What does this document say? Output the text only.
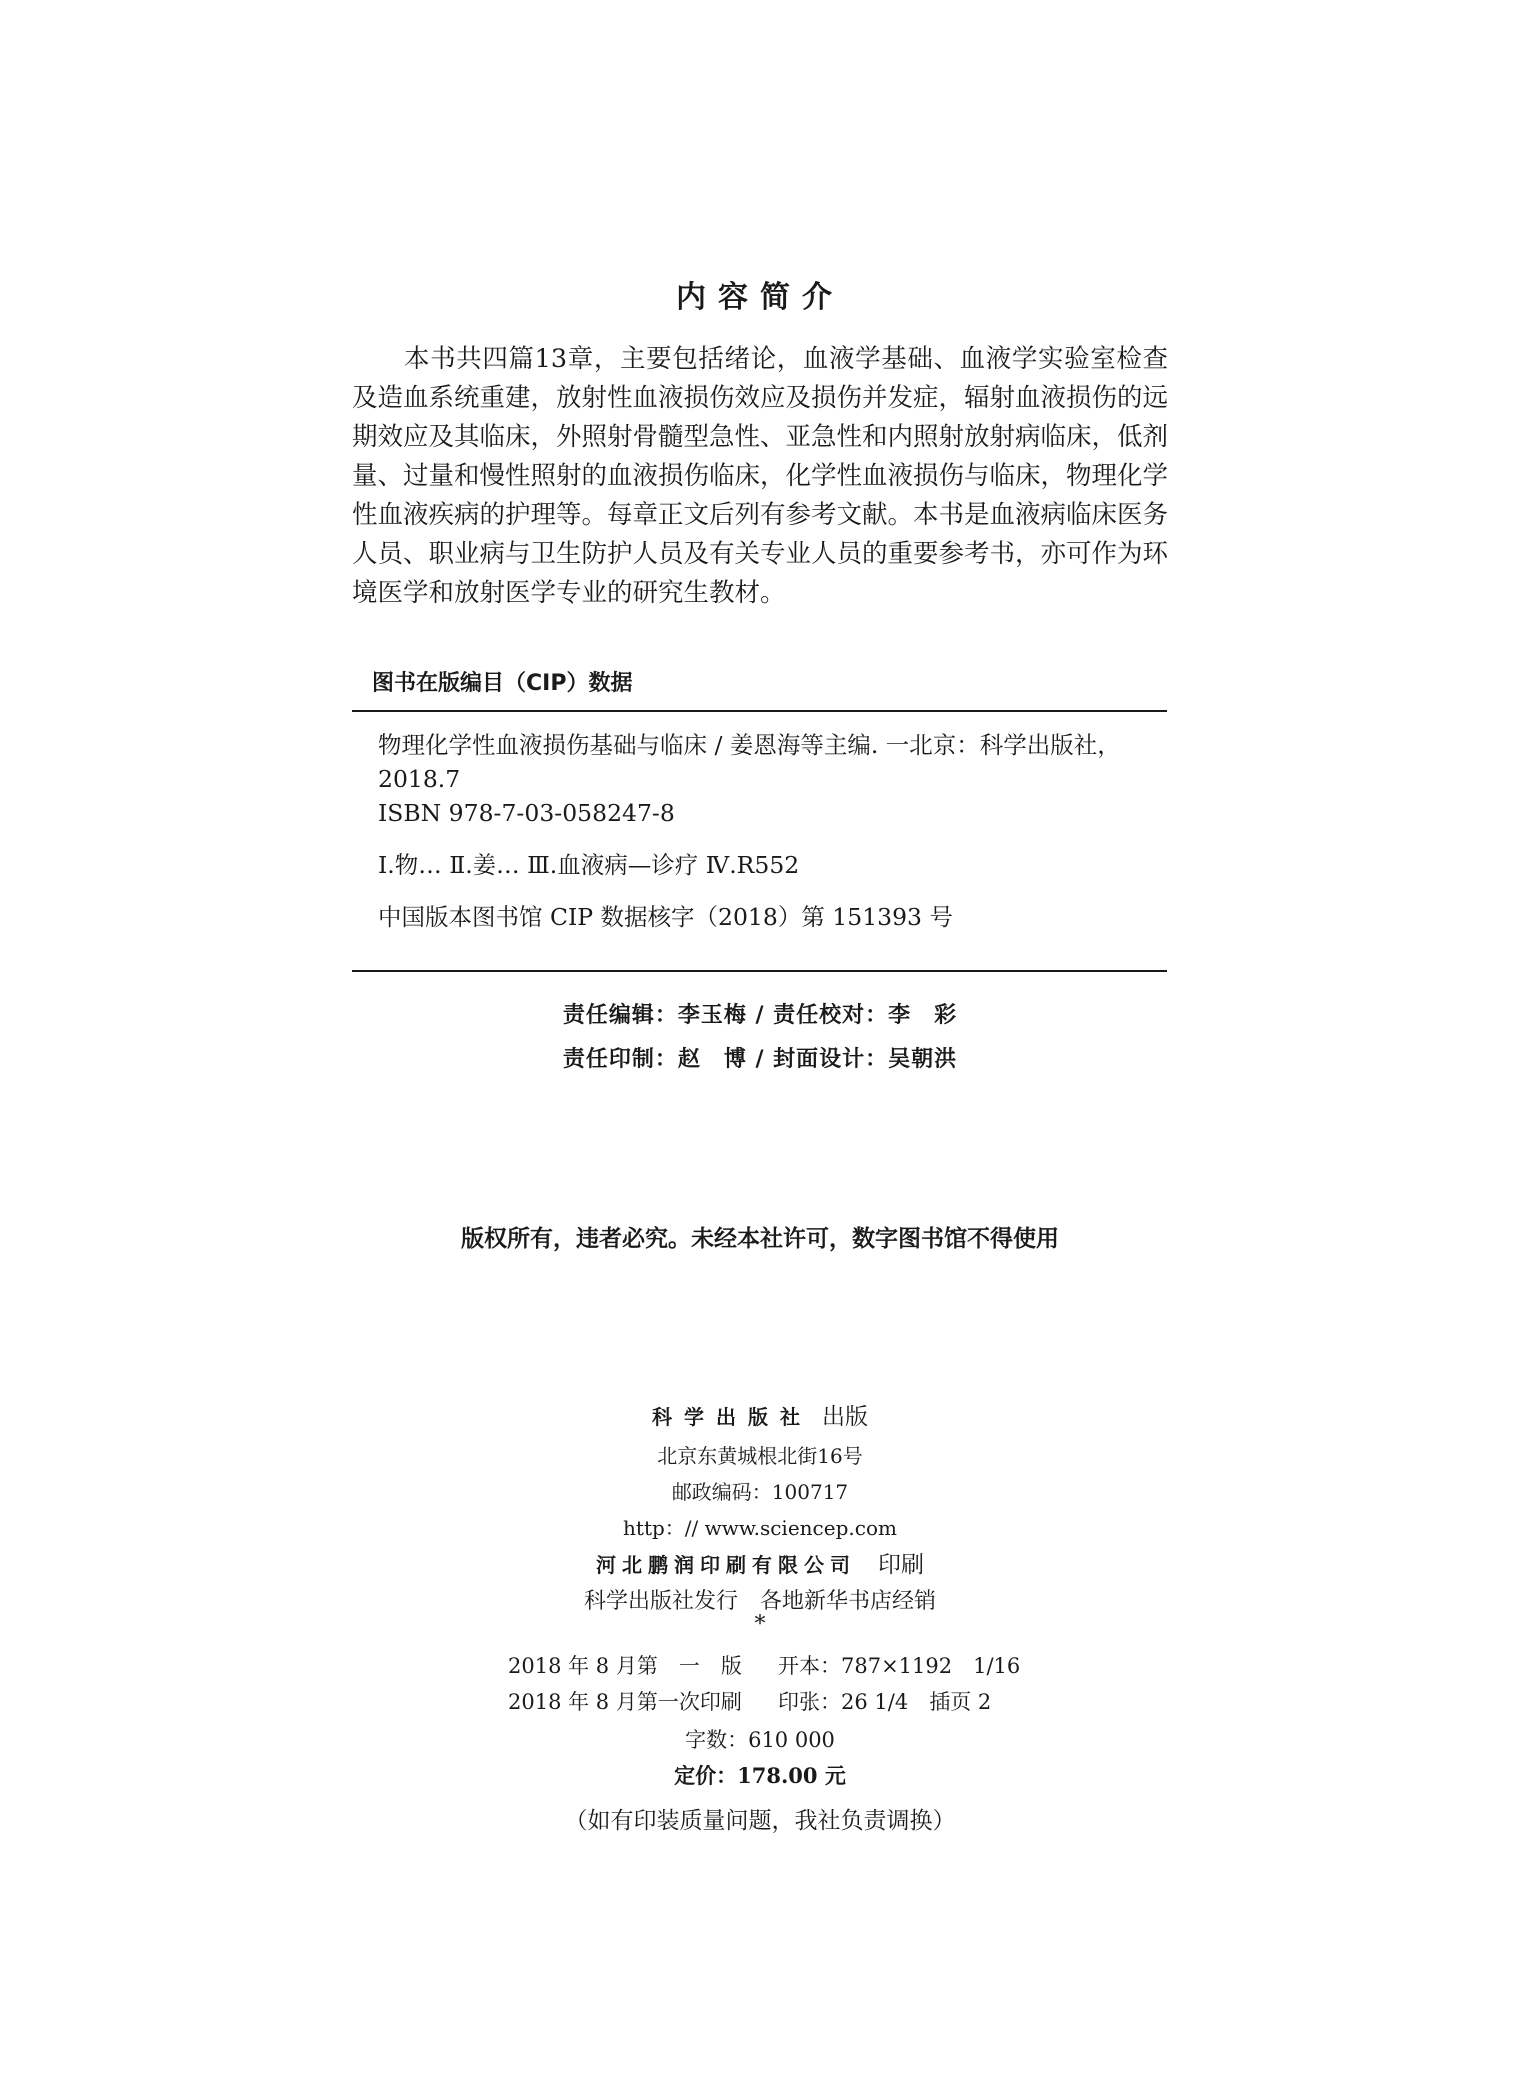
内容简介
本书共四篇13章，主要包括绪论，血液学基础、血液学实验室检查及造血系统重建，放射性血液损伤效应及损伤并发症，辐射血液损伤的远期效应及其临床，外照射骨髓型急性、亚急性和内照射放射病临床，低剂量、过量和慢性照射的血液损伤临床，化学性血液损伤与临床，物理化学性血液疾病的护理等。每章正文后列有参考文献。本书是血液病临床医务人员、职业病与卫生防护人员及有关专业人员的重要参考书，亦可作为环境医学和放射医学专业的研究生教材。
图书在版编目（CIP）数据
物理化学性血液损伤基础与临床 / 姜恩海等主编. 一北京：科学出版社，
2018.7
ISBN 978-7-03-058247-8
Ⅰ.物… Ⅱ.姜… Ⅲ.血液病—诊疗 Ⅳ.R552
中国版本图书馆 CIP 数据核字（2018）第 151393 号
责任编辑：李玉梅 / 责任校对：李　彩
责任印制：赵　博 / 封面设计：吴朝洪
版权所有，违者必究。未经本社许可，数字图书馆不得使用
科学出版社 出版
北京东黄城根北街16号
邮政编码：100717
http：// www.sciencep.com
河北鹏润印刷有限公司 印刷
科学出版社发行　各地新华书店经销
*
2018 年 8 月第　一　版 开本：787×1192　1/16
2018 年 8 月第一次印刷 印张：26 1/4　插页 2
字数：610 000
定价：178.00 元
（如有印装质量问题，我社负责调换）
